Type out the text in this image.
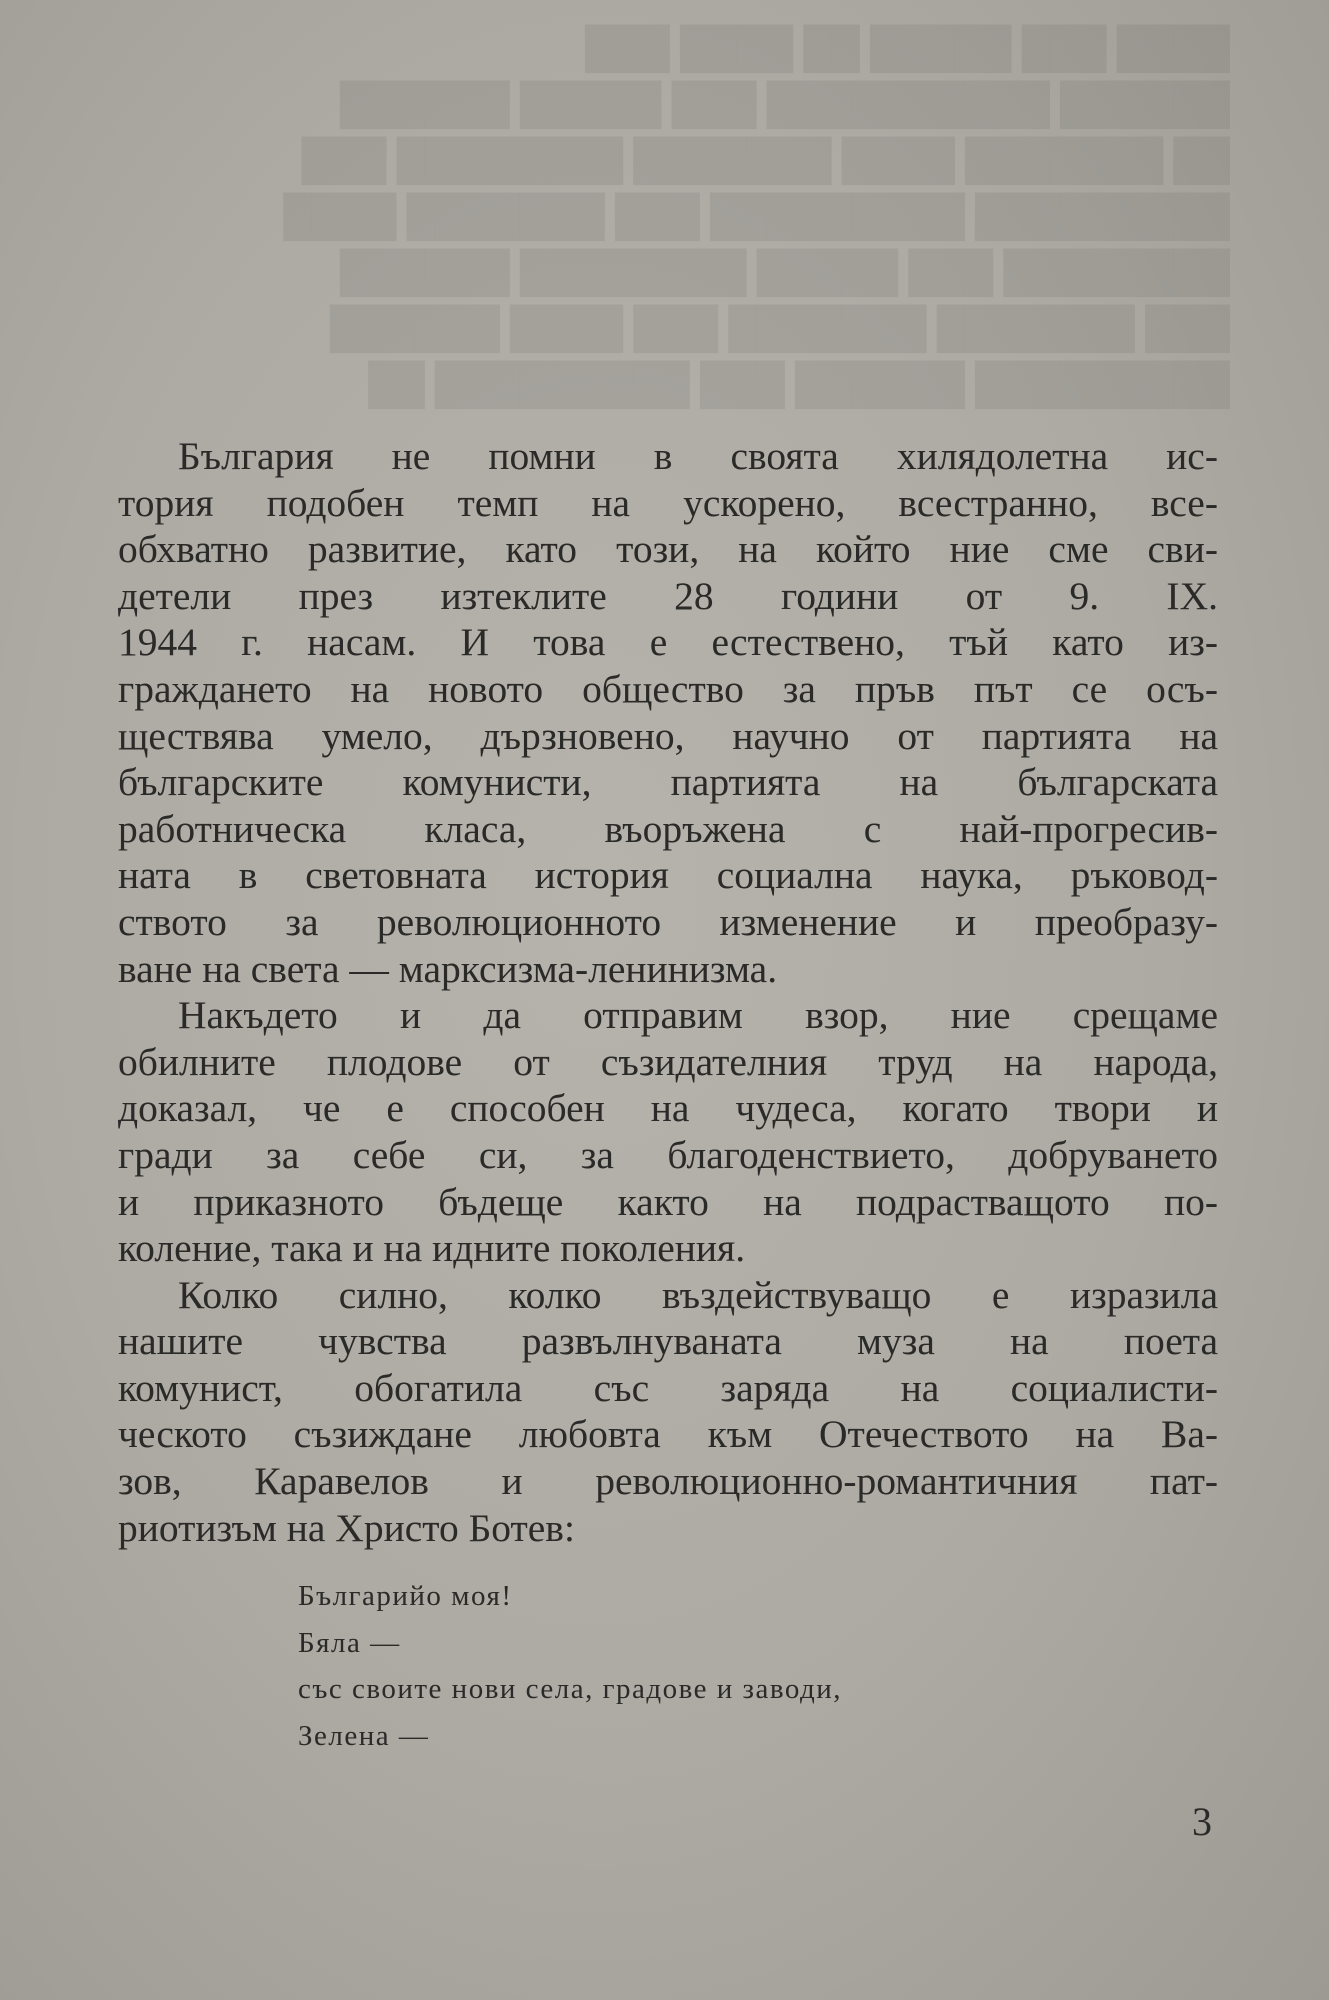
████ ███ █████ ██ ████ ███
██████ ██████████ ███ █████ ██████
██ ███████ ████ ███████ ████████ ███
█████████ █████████ ███ ███████ ████
████████ ███ █████ ████████ ██████
███ ███████ ███████ ███ ████ ██████
█████████ ██████ ███ █████████ ██
България не помни в своята хилядолетна ис-
тория подобен темп на ускорено, всестранно, все-
обхватно развитие, като този, на който ние сме сви-
детели през изтеклите 28 години от 9. IX.
1944 г. насам. И това е естествено, тъй като из-
граждането на новото общество за пръв път се осъ-
ществява умело, дързновено, научно от партията на
българските комунисти, партията на българската
работническа класа, въоръжена с най-прогресив-
ната в световната история социална наука, ръковод-
ството за революционното изменение и преобразу-
ване на света — марксизма-ленинизма.
Накъдето и да отправим взор, ние срещаме
обилните плодове от съзидателния труд на народа,
доказал, че е способен на чудеса, когато твори и
гради за себе си, за благоденствието, добруването
и приказното бъдеще както на подрастващото по-
коление, така и на идните поколения.
Колко силно, колко въздействуващо е изразила
нашите чувства развълнуваната муза на поета
комунист, обогатила със заряда на социалисти-
ческото съзиждане любовта към Отечеството на Ва-
зов, Каравелов и революционно-романтичния пат-
риотизъм на Христо Ботев:
Българийо моя!
Бяла —
със своите нови села, градове и заводи,
Зелена —
3
